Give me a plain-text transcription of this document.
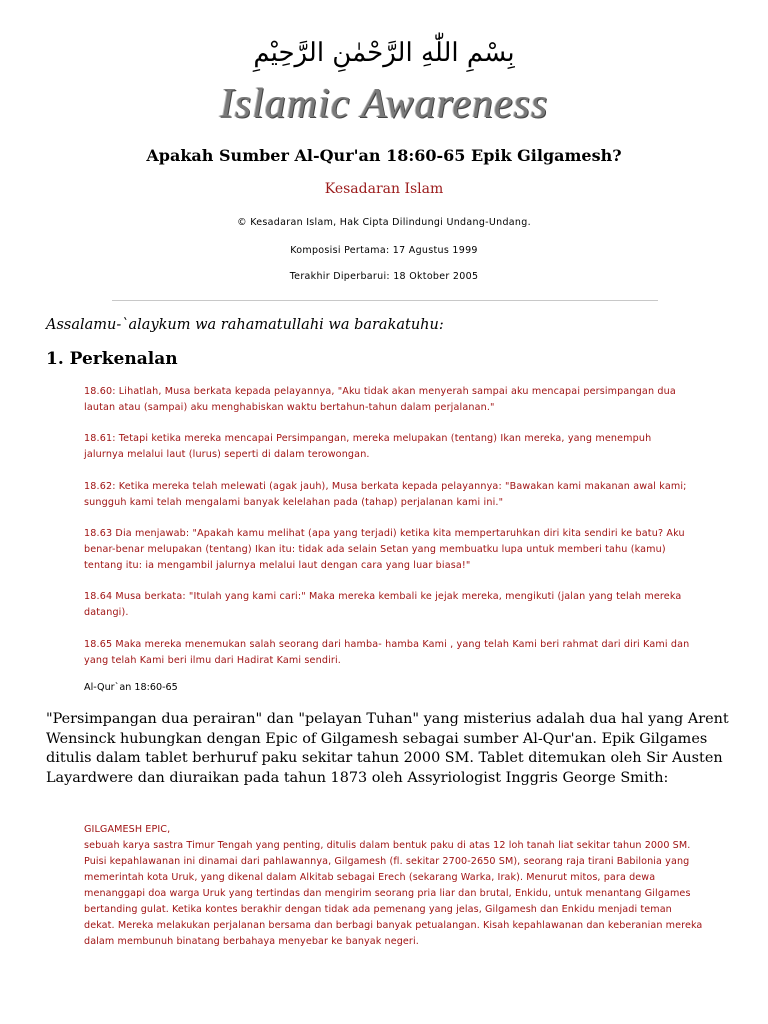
بِسْمِ اللّٰهِ الرَّحْمٰنِ الرَّحِيْمِ
Islamic Awareness
Apakah Sumber Al-Qur'an 18:60-65 Epik Gilgamesh?
Kesadaran Islam
© Kesadaran Islam, Hak Cipta Dilindungi Undang-Undang.
Komposisi Pertama: 17 Agustus 1999
Terakhir Diperbarui: 18 Oktober 2005
Assalamu-`alaykum wa rahamatullahi wa barakatuhu:
1. Perkenalan
18.60: Lihatlah, Musa berkata kepada pelayannya, "Aku tidak akan menyerah sampai aku mencapai persimpangan dua lautan atau (sampai) aku menghabiskan waktu bertahun-tahun dalam perjalanan."
18.61: Tetapi ketika mereka mencapai Persimpangan, mereka melupakan (tentang) Ikan mereka, yang menempuh jalurnya melalui laut (lurus) seperti di dalam terowongan.
18.62: Ketika mereka telah melewati (agak jauh), Musa berkata kepada pelayannya: "Bawakan kami makanan awal kami; sungguh kami telah mengalami banyak kelelahan pada (tahap) perjalanan kami ini."
18.63 Dia menjawab: "Apakah kamu melihat (apa yang terjadi) ketika kita mempertaruhkan diri kita sendiri ke batu? Aku benar-benar melupakan (tentang) Ikan itu: tidak ada selain Setan yang membuatku lupa untuk memberi tahu (kamu) tentang itu: ia mengambil jalurnya melalui laut dengan cara yang luar biasa!"
18.64 Musa berkata: "Itulah yang kami cari:" Maka mereka kembali ke jejak mereka, mengikuti (jalan yang telah mereka datangi).
18.65 Maka mereka menemukan salah seorang dari hamba- hamba Kami , yang telah Kami beri rahmat dari diri Kami dan yang telah Kami beri ilmu dari Hadirat Kami sendiri.
Al-Qur`an 18:60-65
"Persimpangan dua perairan" dan "pelayan Tuhan" yang misterius adalah dua hal yang Arent Wensinck hubungkan dengan Epic of Gilgamesh sebagai sumber Al-Qur'an. Epik Gilgames ditulis dalam tablet berhuruf paku sekitar tahun 2000 SM. Tablet ditemukan oleh Sir Austen Layardwere dan diuraikan pada tahun 1873 oleh Assyriologist Inggris George Smith:
GILGAMESH EPIC,
sebuah karya sastra Timur Tengah yang penting, ditulis dalam bentuk paku di atas 12 loh tanah liat sekitar tahun 2000 SM. Puisi kepahlawanan ini dinamai dari pahlawannya, Gilgamesh (fl. sekitar 2700-2650 SM), seorang raja tirani Babilonia yang memerintah kota Uruk, yang dikenal dalam Alkitab sebagai Erech (sekarang Warka, Irak). Menurut mitos, para dewa menanggapi doa warga Uruk yang tertindas dan mengirim seorang pria liar dan brutal, Enkidu, untuk menantang Gilgames bertanding gulat. Ketika kontes berakhir dengan tidak ada pemenang yang jelas, Gilgamesh dan Enkidu menjadi teman dekat. Mereka melakukan perjalanan bersama dan berbagi banyak petualangan. Kisah kepahlawanan dan keberanian mereka dalam membunuh binatang berbahaya menyebar ke banyak negeri.
